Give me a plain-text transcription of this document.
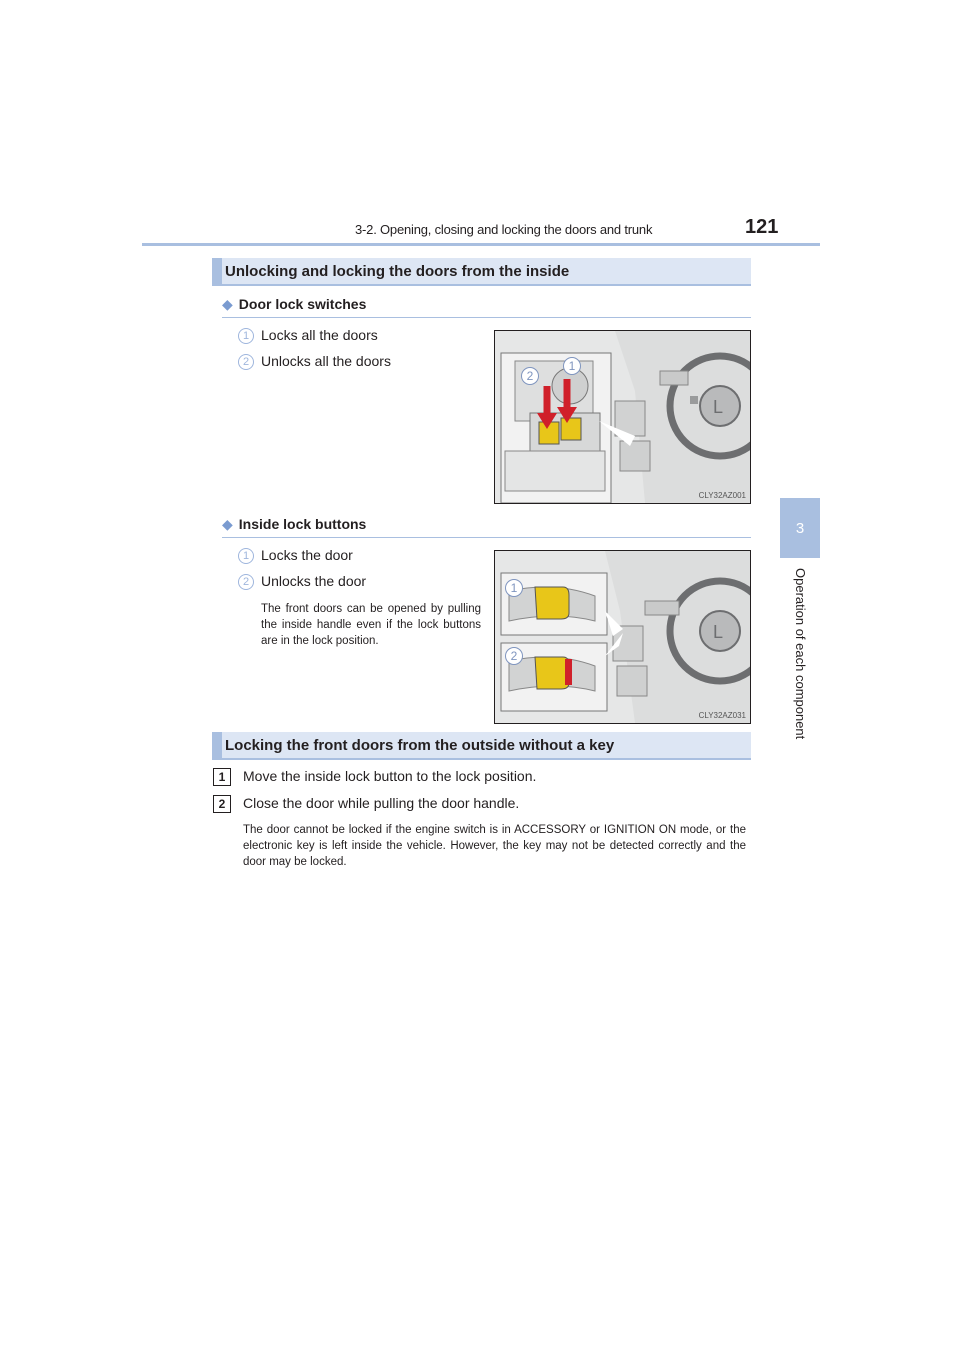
3-2. Opening, closing and locking the doors and trunk	121
3
Operation of each component
Unlocking and locking the doors from the inside
◆ Door lock switches
1 Locks all the doors
2 Unlocks all the doors
L
2
1
CLY32AZ001
◆ Inside lock buttons
1 Locks the door
2 Unlocks the door
The front doors can be opened by pulling the inside handle even if the lock buttons are in the lock position.	L
1
2
CLY32AZ031
Locking the front doors from the outside without a key
1	Move the inside lock button to the lock position.
2	Close the door while pulling the door handle.
The door cannot be locked if the engine switch is in ACCESSORY or IGNITION ON mode, or the electronic key is left inside the vehicle. However, the key may not be detected correctly and the door may be locked.
